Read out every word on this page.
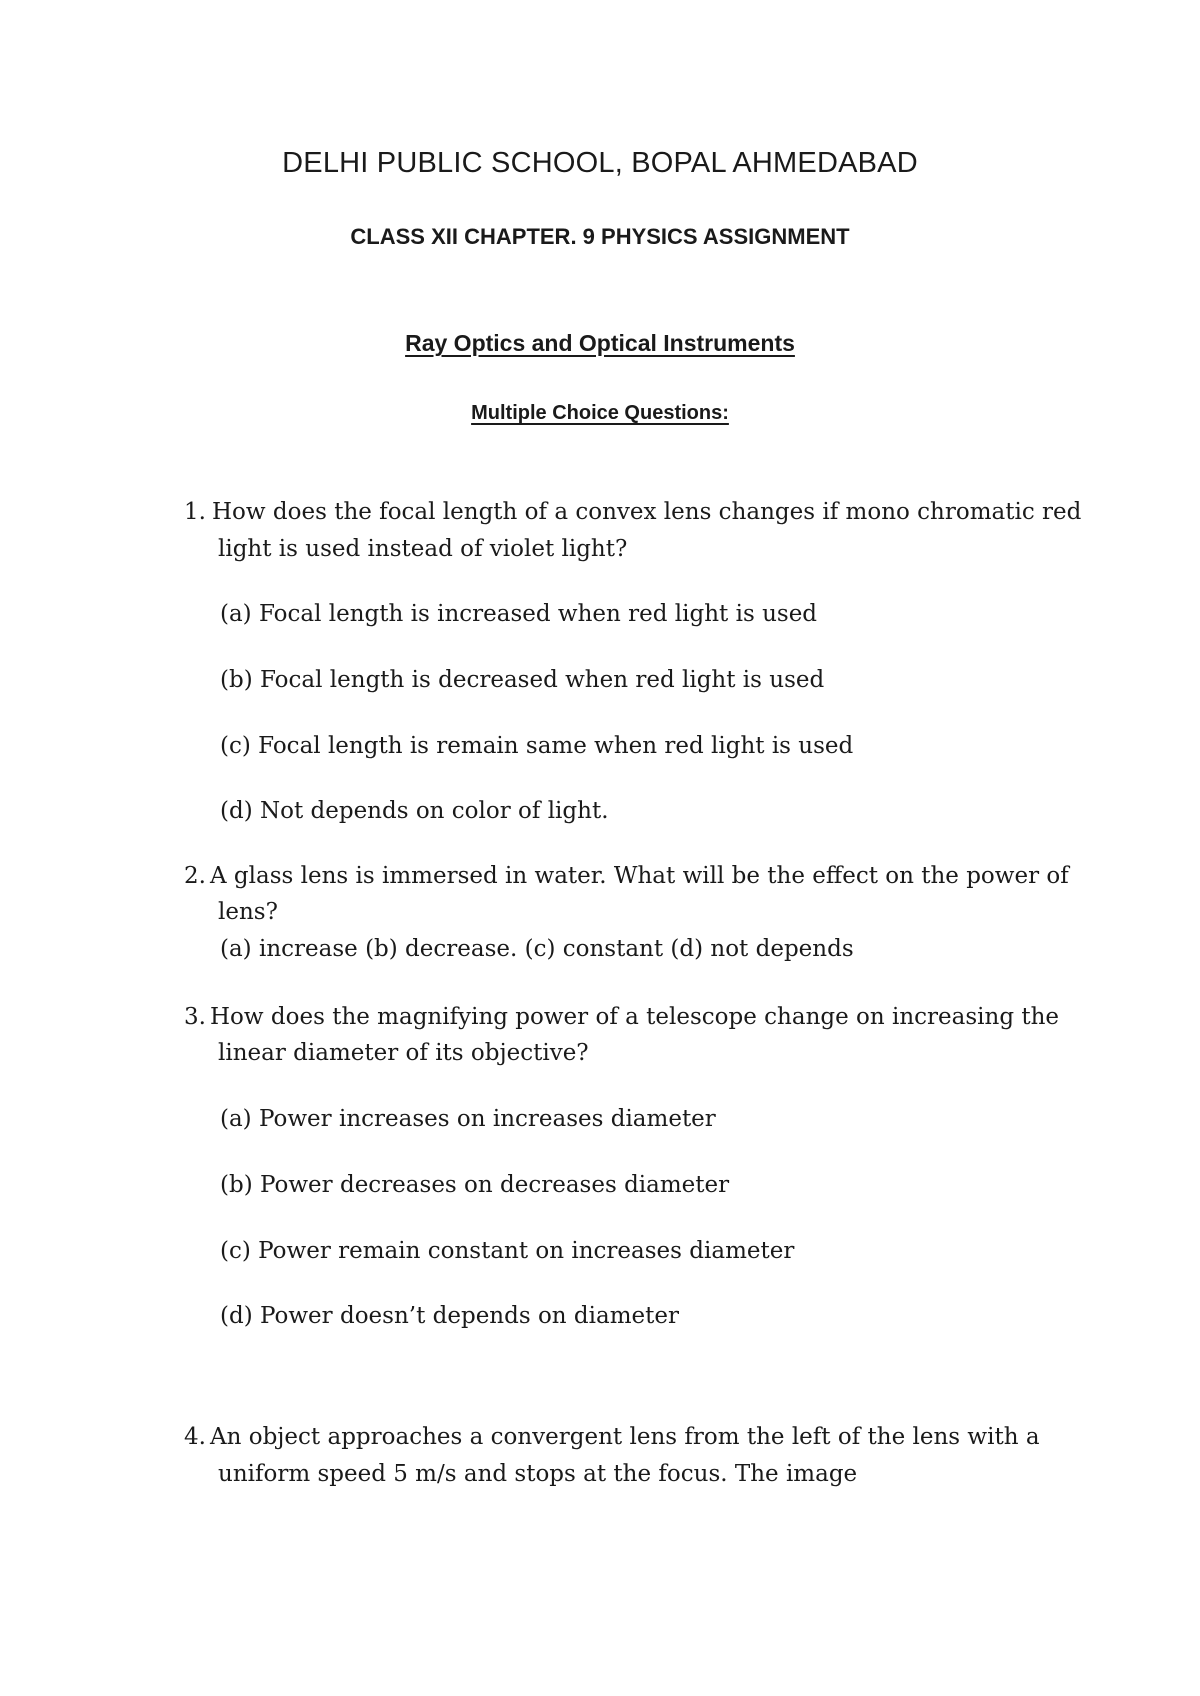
DELHI PUBLIC SCHOOL, BOPAL AHMEDABAD
CLASS XII CHAPTER. 9 PHYSICS ASSIGNMENT
Ray Optics and Optical Instruments
Multiple Choice Questions:
1. How does the focal length of a convex lens changes if mono chromatic red
light is used instead of violet light?
(a) Focal length is increased when red light is used
(b) Focal length is decreased when red light is used
(c) Focal length is remain same when red light is used
(d) Not depends on color of light.
2. A glass lens is immersed in water. What will be the effect on the power of
lens?
(a) increase (b) decrease. (c) constant (d) not depends
3. How does the magnifying power of a telescope change on increasing the
linear diameter of its objective?
(a) Power increases on increases diameter
(b) Power decreases on decreases diameter
(c) Power remain constant on increases diameter
(d) Power doesn’t depends on diameter
4. An object approaches a convergent lens from the left of the lens with a
uniform speed 5 m/s and stops at the focus. The image
